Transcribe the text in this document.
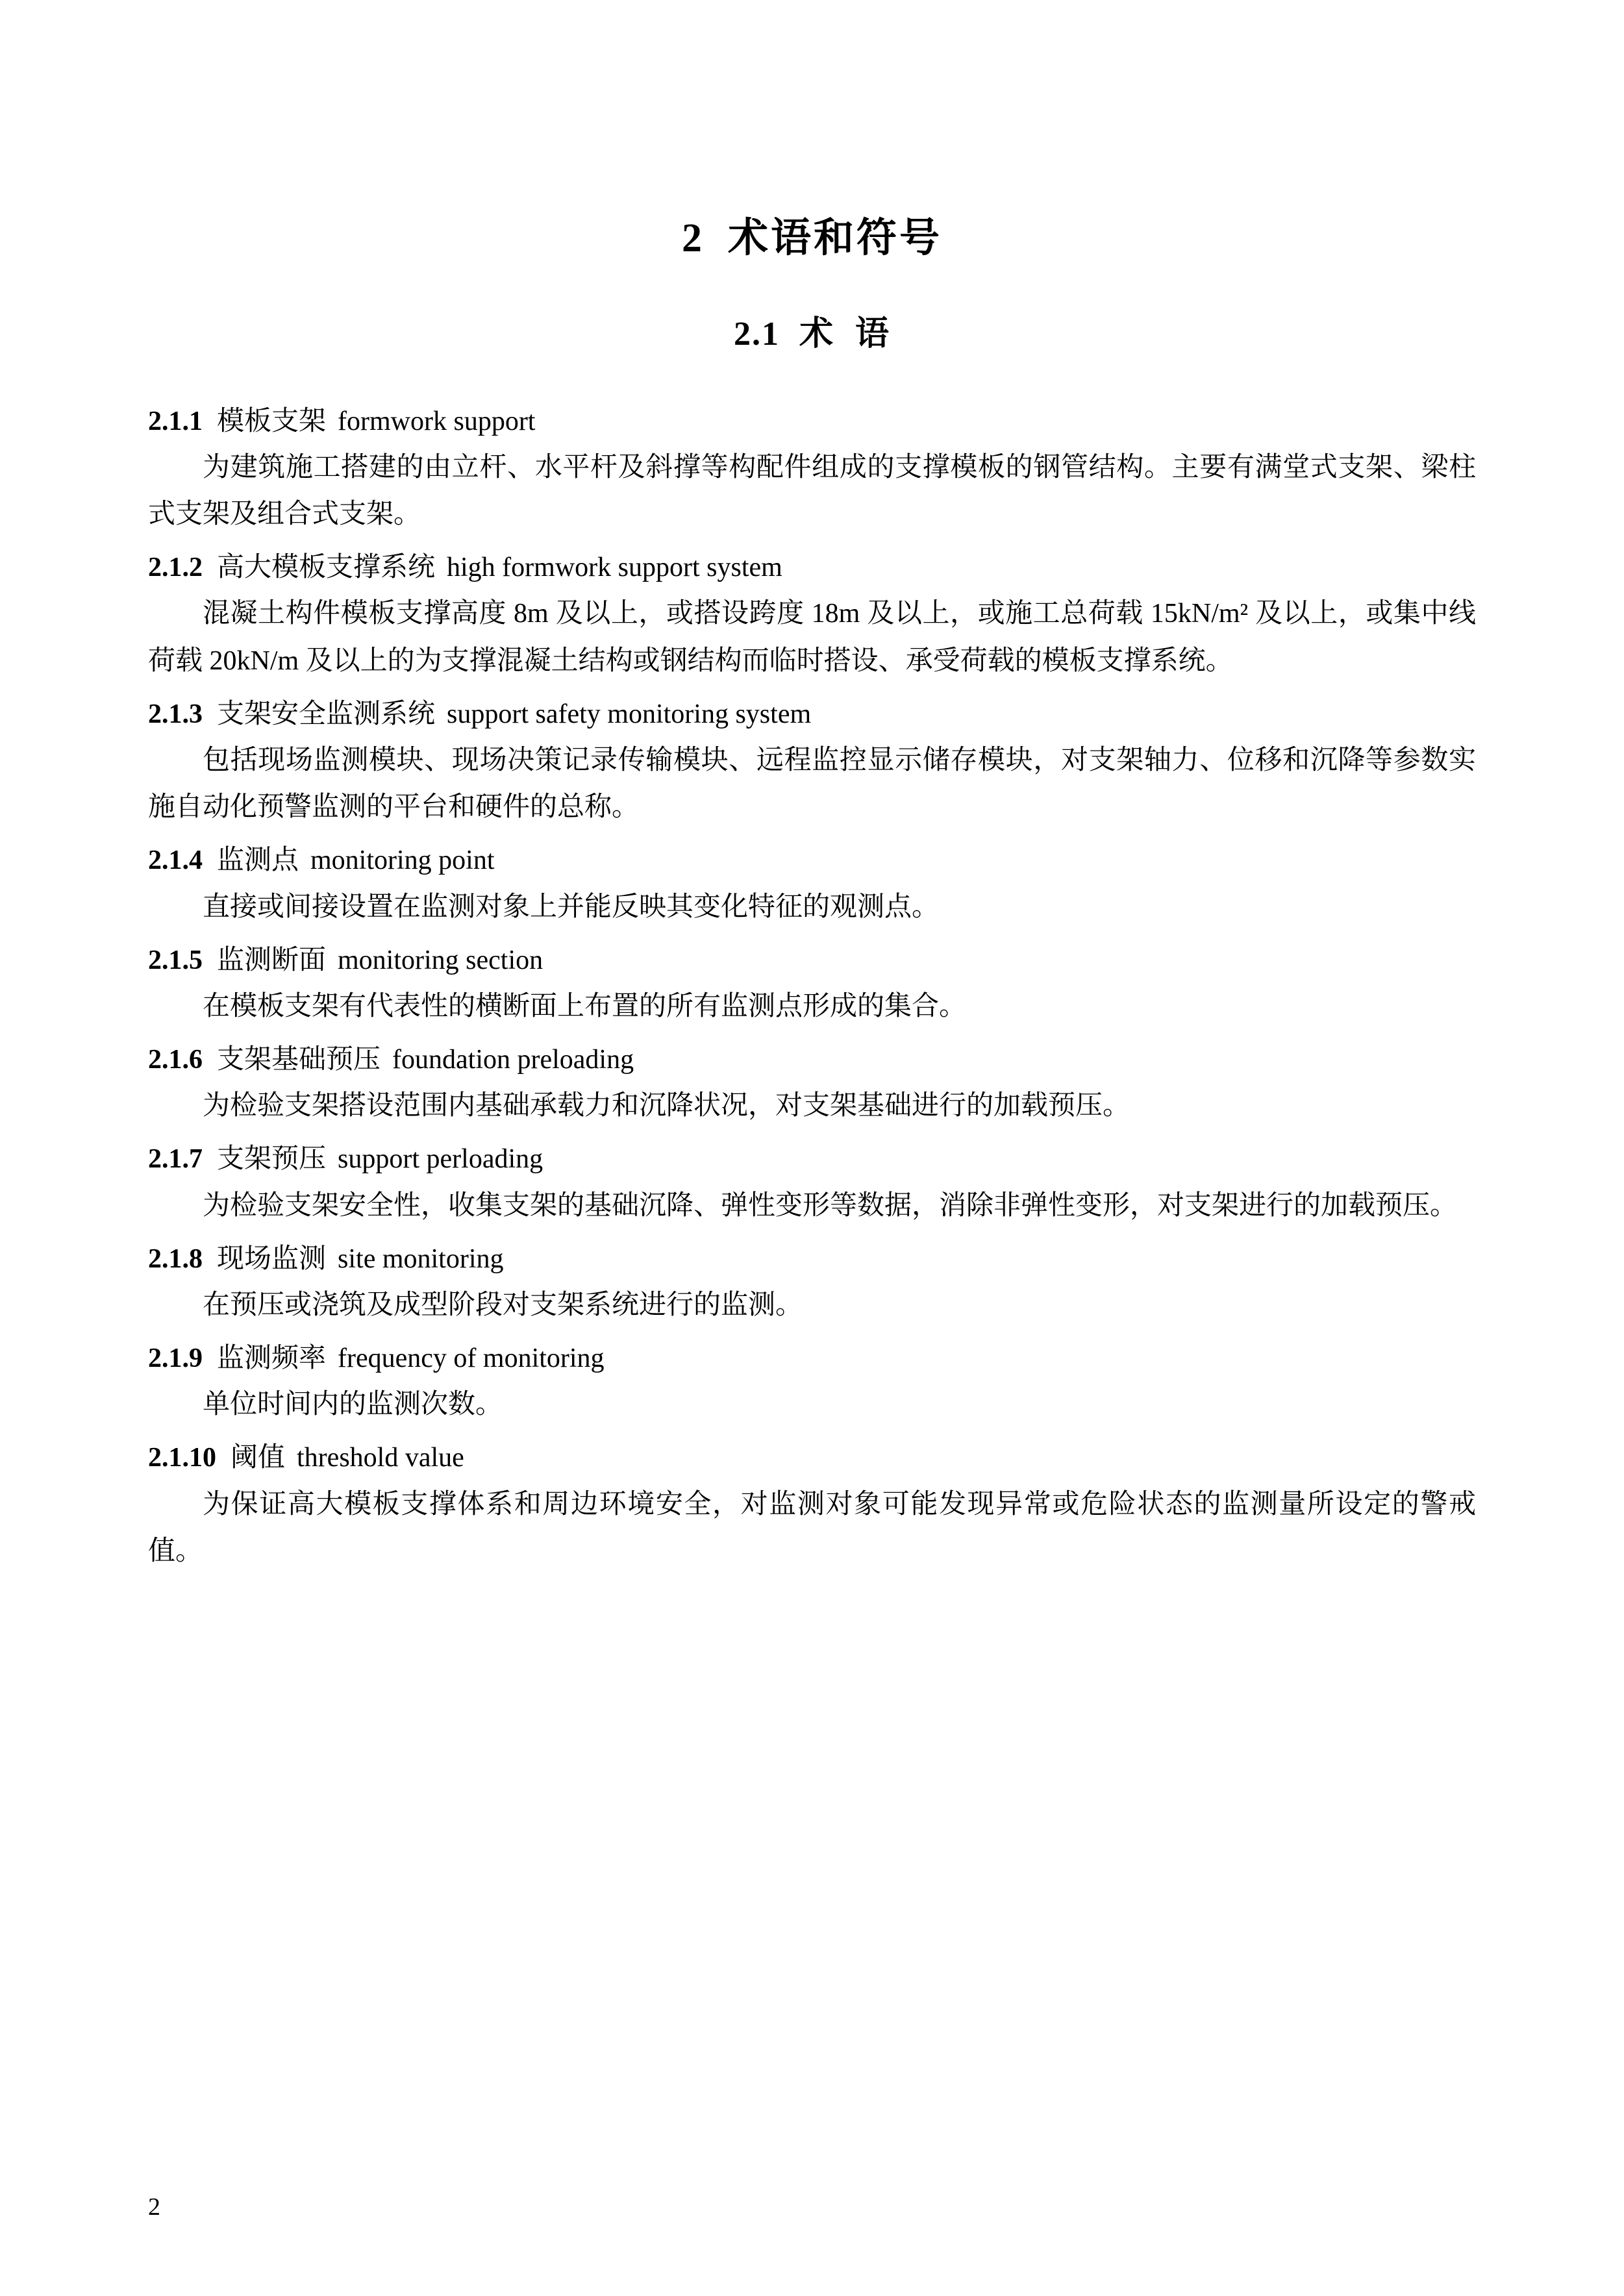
2 术语和符号
2.1 术语

2.1.1 模板支架 formwork support

为建筑施工搭建的由立杆、水平杆及斜撑等构配件组成的支撑模板的钢管结构。主要有满堂式支架、梁柱式支架及组合式支架。

2.1.2 高大模板支撑系统 high formwork support system

混凝土构件模板支撑高度 8m 及以上，或搭设跨度 18m 及以上，或施工总荷载 15kN/m² 及以上，或集中线荷载 20kN/m 及以上的为支撑混凝土结构或钢结构而临时搭设、承受荷载的模板支撑系统。

2.1.3 支架安全监测系统 support safety monitoring system

包括现场监测模块、现场决策记录传输模块、远程监控显示储存模块，对支架轴力、位移和沉降等参数实施自动化预警监测的平台和硬件的总称。

2.1.4 监测点 monitoring point

直接或间接设置在监测对象上并能反映其变化特征的观测点。

2.1.5 监测断面 monitoring section

在模板支架有代表性的横断面上布置的所有监测点形成的集合。

2.1.6 支架基础预压 foundation preloading

为检验支架搭设范围内基础承载力和沉降状况，对支架基础进行的加载预压。

2.1.7 支架预压 support perloading

为检验支架安全性，收集支架的基础沉降、弹性变形等数据，消除非弹性变形，对支架进行的加载预压。

2.1.8 现场监测 site monitoring

在预压或浇筑及成型阶段对支架系统进行的监测。

2.1.9 监测频率 frequency of monitoring

单位时间内的监测次数。

2.1.10 阈值 threshold value

为保证高大模板支撑体系和周边环境安全，对监测对象可能发现异常或危险状态的监测量所设定的警戒值。

2
